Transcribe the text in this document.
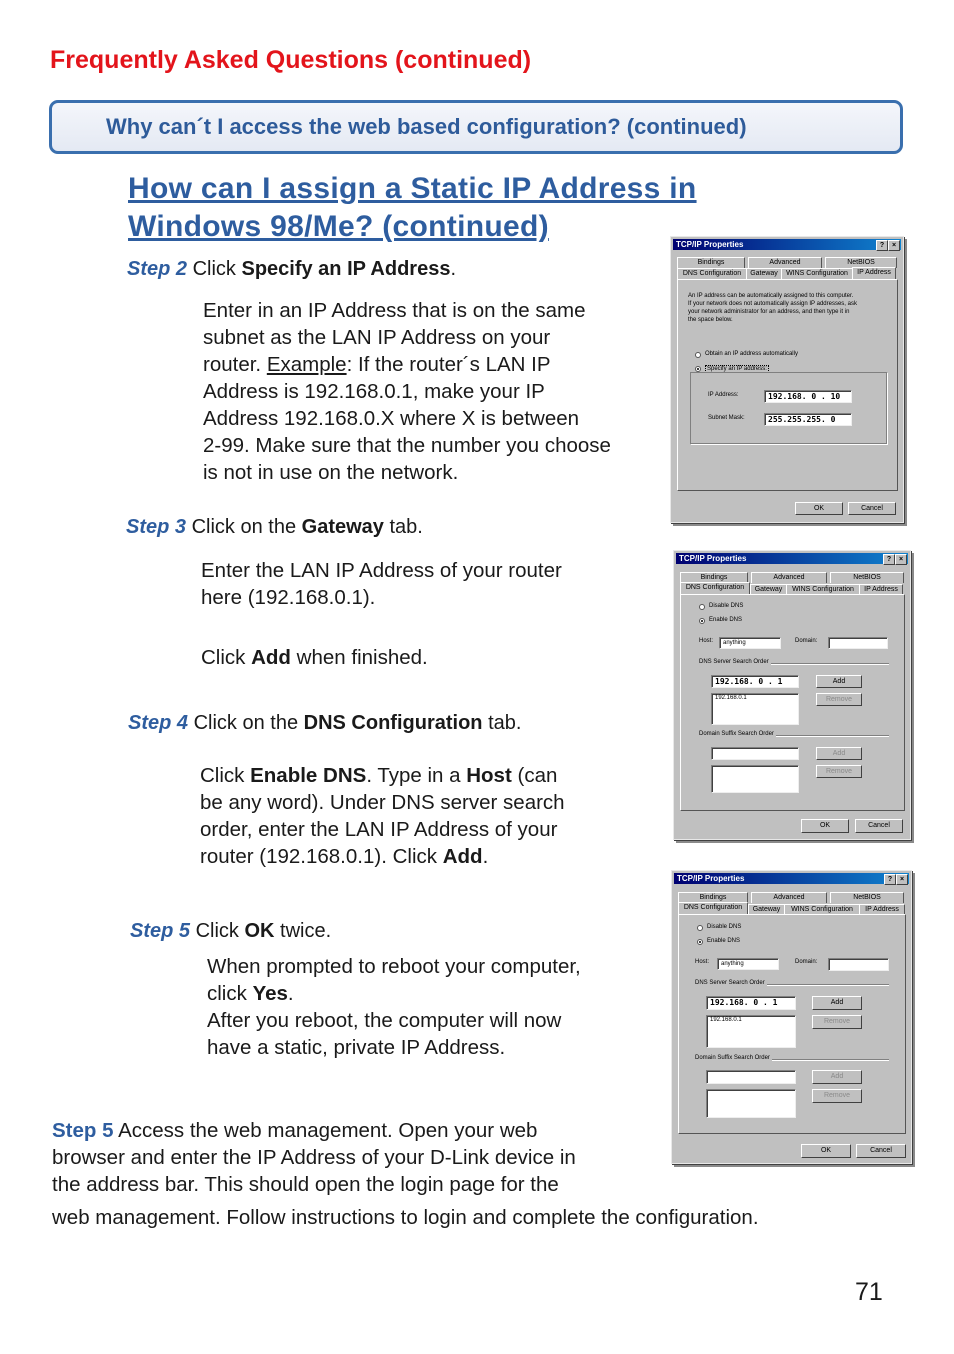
Frequently Asked Questions (continued)
Why can´t I access the web based configuration? (continued)
How can I assign a Static IP Address in
Windows 98/Me? (continued)
Step 2 Click Specify an IP Address.
Enter in an IP Address that is on the same
subnet as the LAN IP Address on your
router. Example: If the router´s LAN IP
Address is 192.168.0.1, make your IP
Address 192.168.0.X where X is between
2-99. Make sure that the number you choose
is not in use on the network.
Step 3 Click on the Gateway tab.
Enter the LAN IP Address of your router
here (192.168.0.1).
Click Add when finished.
Step 4 Click on the DNS Configuration tab.
Click Enable DNS. Type in a Host (can
be any word). Under DNS server search
order, enter the LAN IP Address of your
router (192.168.0.1). Click Add.
Step 5 Click OK twice.
When prompted to reboot your computer,
click Yes.
After you reboot, the computer will now
have a static, private IP Address.
Step 5 Access the web management. Open your web
browser and enter the IP Address of your D-Link device in
the address bar. This should open the login page for the
web management. Follow instructions to login and complete the configuration.
71
TCP/IP Properties	?	×
Bindings	Advanced	NetBIOS
DNS Configuration	Gateway	WINS Configuration	IP Address
An IP address can be automatically assigned to this computer.
If your network does not automatically assign IP addresses, ask
your network administrator for an address, and then type it in
the space below.
Obtain an IP address automatically
Specify an IP address:
IP Address:	192.168. 0 . 10
Subnet Mask:	255.255.255. 0
OK	Cancel
TCP/IP Properties	?	×
Bindings	Advanced	NetBIOS
DNS Configuration	Gateway	WINS Configuration	IP Address
Disable DNS
Enable DNS
Host:	anything	Domain:
DNS Server Search Order
192.168. 0 . 1	Add
192.168.0.1	Remove
Domain Suffix Search Order
Add
Remove
OK	Cancel
TCP/IP Properties	?	×
Bindings	Advanced	NetBIOS
DNS Configuration	Gateway	WINS Configuration	IP Address
Disable DNS
Enable DNS
Host:	anything	Domain:
DNS Server Search Order
192.168. 0 . 1	Add
192.168.0.1	Remove
Domain Suffix Search Order
Add
Remove
OK	Cancel
